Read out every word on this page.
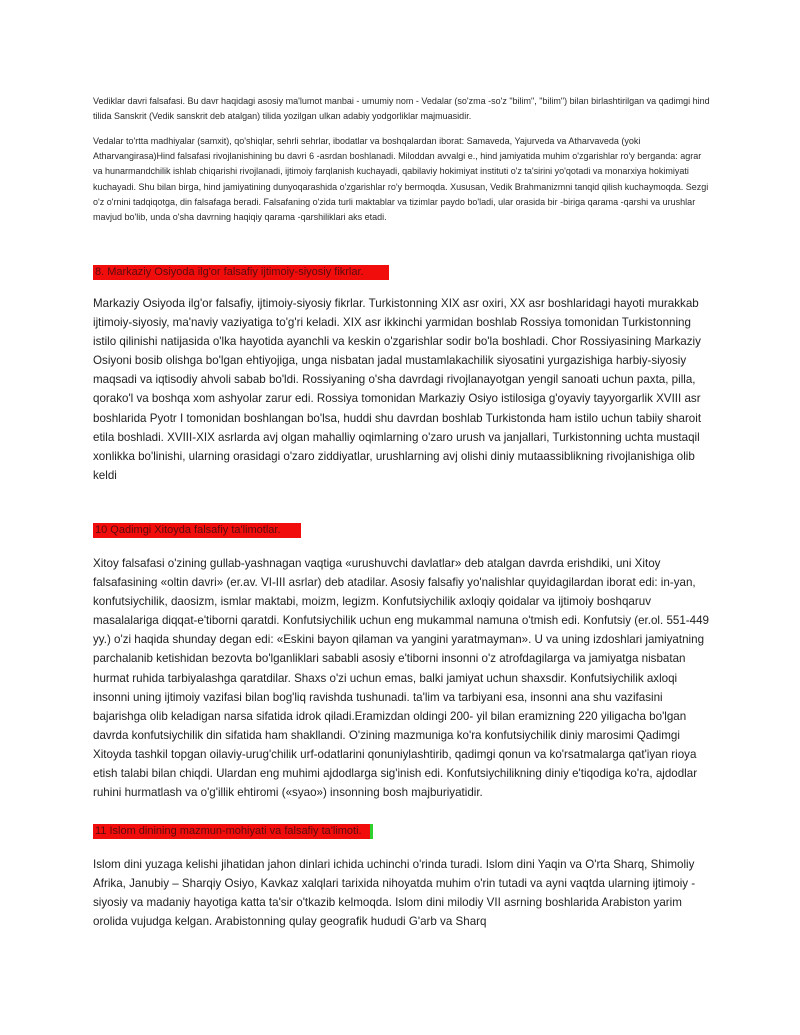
Vediklar davri falsafasi. Bu davr haqidagi asosiy ma'lumot manbai - umumiy nom - Vedalar (so'zma -so'z "bilim", "bilim") bilan birlashtirilgan va qadimgi hind tilida Sanskrit (Vedik sanskrit deb atalgan) tilida yozilgan ulkan adabiy yodgorliklar majmuasidir.

Vedalar to'rtta madhiyalar (samxit), qo'shiqlar, sehrli sehrlar, ibodatlar va boshqalardan iborat: Samaveda, Yajurveda va Atharvaveda (yoki Atharvangirasa)Hind falsafasi rivojlanishining bu davri 6 -asrdan boshlanadi. Miloddan avvalgi e., hind jamiyatida muhim o'zgarishlar ro'y berganda: agrar va hunarmandchilik ishlab chiqarishi rivojlanadi, ijtimoiy farqlanish kuchayadi, qabilaviy hokimiyat instituti o'z ta'sirini yo'qotadi va monarxiya hokimiyati kuchayadi. Shu bilan birga, hind jamiyatining dunyoqarashida o'zgarishlar ro'y bermoqda. Xususan, Vedik Brahmanizmni tanqid qilish kuchaymoqda. Sezgi o'z o'rnini tadqiqotga, din falsafaga beradi. Falsafaning o'zida turli maktablar va tizimlar paydo bo'ladi, ular orasida bir -biriga qarama -qarshi va urushlar mavjud bo'lib, unda o'sha davrning haqiqiy qarama -qarshiliklari aks etadi.

8. Markaziy Osiyoda ilg'or falsafiy ijtimoiy-siyosiy fikrlar.

Markaziy Osiyoda ilg'or falsafiy, ijtimoiy-siyosiy fikrlar. Turkistonning XIX asr oxiri, XX asr boshlaridagi hayoti murakkab ijtimoiy-siyosiy, ma'naviy vaziyatiga to'g'ri keladi. XIX asr ikkinchi yarmidan boshlab Rossiya tomonidan Turkistonning istilo qilinishi natijasida o'lka hayotida ayanchli va keskin o'zgarishlar sodir bo'la boshladi. Chor Rossiyasining Markaziy Osiyoni bosib olishga bo'lgan ehtiyojiga, unga nisbatan jadal mustamlakachilik siyosatini yurgazishiga harbiy-siyosiy maqsadi va iqtisodiy ahvoli sabab bo'ldi. Rossiyaning o'sha davrdagi rivojlanayotgan yengil sanoati uchun paxta, pilla, qorako'l va boshqa xom ashyolar zarur edi. Rossiya tomonidan Markaziy Osiyo istilosiga g'oyaviy tayyorgarlik XVIII asr boshlarida Pyotr I tomonidan boshlangan bo'lsa, huddi shu davrdan boshlab Turkistonda ham istilo uchun tabiiy sharoit etila boshladi. XVIII-XIX asrlarda avj olgan mahalliy oqimlarning o'zaro urush va janjallari, Turkistonning uchta mustaqil xonlikka bo'linishi, ularning orasidagi o'zaro ziddiyatlar, urushlarning avj olishi diniy mutaassiblikning rivojlanishiga olib keldi

10 Qadimgi Xitoyda falsafiy ta'limotlar.

Xitoy falsafasi o'zining gullab-yashnagan vaqtiga «urushuvchi davlatlar» deb atalgan davrda erishdiki, uni Xitoy falsafasining «oltin davri» (er.av. VI-III asrlar) deb atadilar. Asosiy falsafiy yo'nalishlar quyidagilardan iborat edi: in-yan, konfutsiychilik, daosizm, ismlar maktabi, moizm, legizm. Konfutsiychilik axloqiy qoidalar va ijtimoiy boshqaruv masalalariga diqqat-e'tiborni qaratdi. Konfutsiychilik uchun eng mukammal namuna o'tmish edi. Konfutsiy (er.ol. 551-449 yy.) o'zi haqida shunday degan edi: «Eskini bayon qilaman va yangini yaratmayman». U va uning izdoshlari jamiyatning parchalanib ketishidan bezovta bo'lganliklari sababli asosiy e'tiborni insonni o'z atrofdagilarga va jamiyatga nisbatan hurmat ruhida tarbiyalashga qaratdilar. Shaxs o'zi uchun emas, balki jamiyat uchun shaxsdir. Konfutsiychilik axloqi insonni uning ijtimoiy vazifasi bilan bog'liq ravishda tushunadi. ta'lim va tarbiyani esa, insonni ana shu vazifasini bajarishga olib keladigan narsa sifatida idrok qiladi.Eramizdan oldingi 200- yil bilan eramizning 220 yiligacha bo'lgan davrda konfutsiychilik din sifatida ham shakllandi. O'zining mazmuniga ko'ra konfutsiychilik diniy marosimi Qadimgi Xitoyda tashkil topgan oilaviy-urug'chilik urf-odatlarini qonuniylashtirib, qadimgi qonun va ko'rsatmalarga qat'iyan rioya etish talabi bilan chiqdi. Ulardan eng muhimi ajdodlarga sig'inish edi. Konfutsiychilikning diniy e'tiqodiga ko'ra, ajdodlar ruhini hurmatlash va o'g'illik ehtiromi («syao») insonning bosh majburiyatidir.

11 Islom dinining mazmun-mohiyati va falsafiy ta'limoti.

Islom dini yuzaga kelishi jihatidan jahon dinlari ichida uchinchi o'rinda turadi. Islom dini Yaqin va O'rta Sharq, Shimoliy Afrika, Janubiy – Sharqiy Osiyo, Kavkaz xalqlari tarixida nihoyatda muhim o'rin tutadi va ayni vaqtda ularning ijtimoiy - siyosiy va madaniy hayotiga katta ta'sir o'tkazib kelmoqda. Islom dini milodiy VII asrning boshlarida Arabiston yarim orolida vujudga kelgan. Arabistonning qulay geografik hududi G'arb va Sharq
